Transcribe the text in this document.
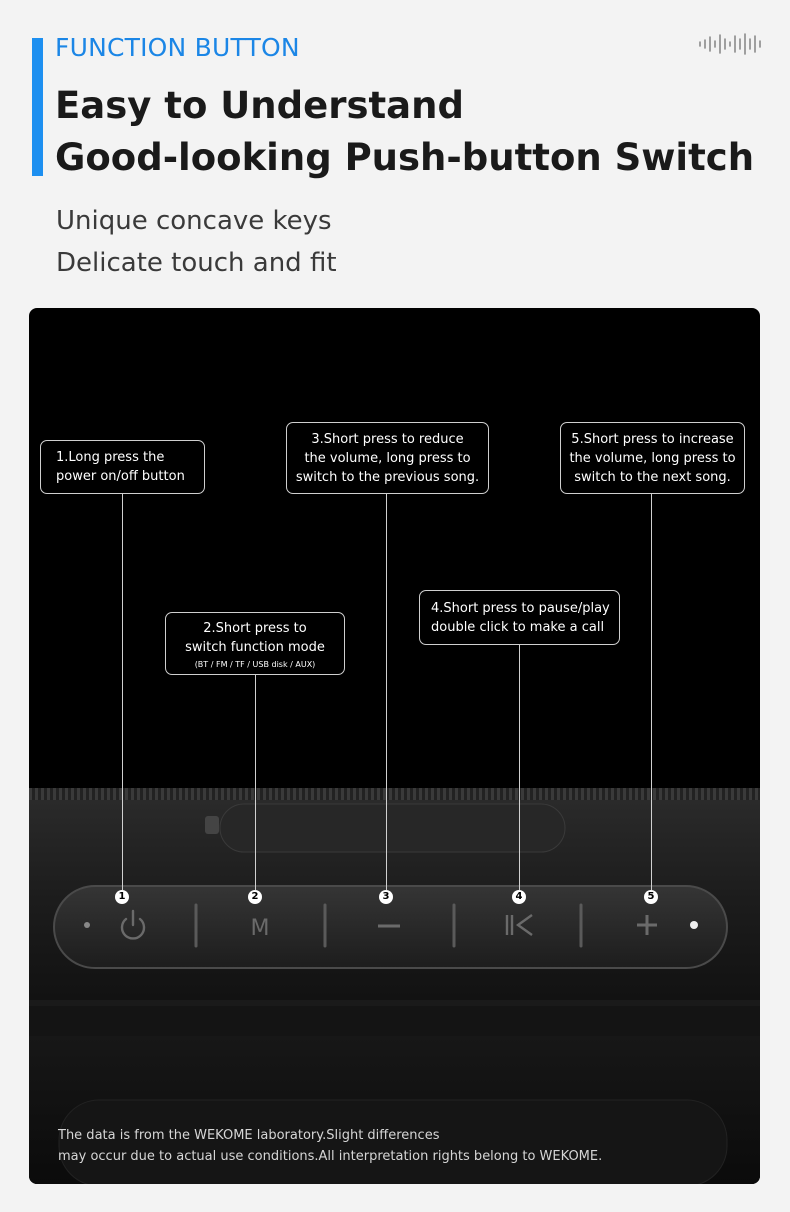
FUNCTION BUTTON
Easy to Understand
Good-looking Push-button Switch
Unique concave keys
Delicate touch and fit
M
1	2	3	4	5
1.Long press the
power on/off button
2.Short press to
switch function mode
(BT / FM / TF / USB disk / AUX)
3.Short press to reduce
the volume, long press to
switch to the previous song.
4.Short press to pause/play
double click to make a call
5.Short press to increase
the volume, long press to
switch to the next song.
The data is from the WEKOME laboratory.Slight differences
may occur due to actual use conditions.All interpretation rights belong to WEKOME.
